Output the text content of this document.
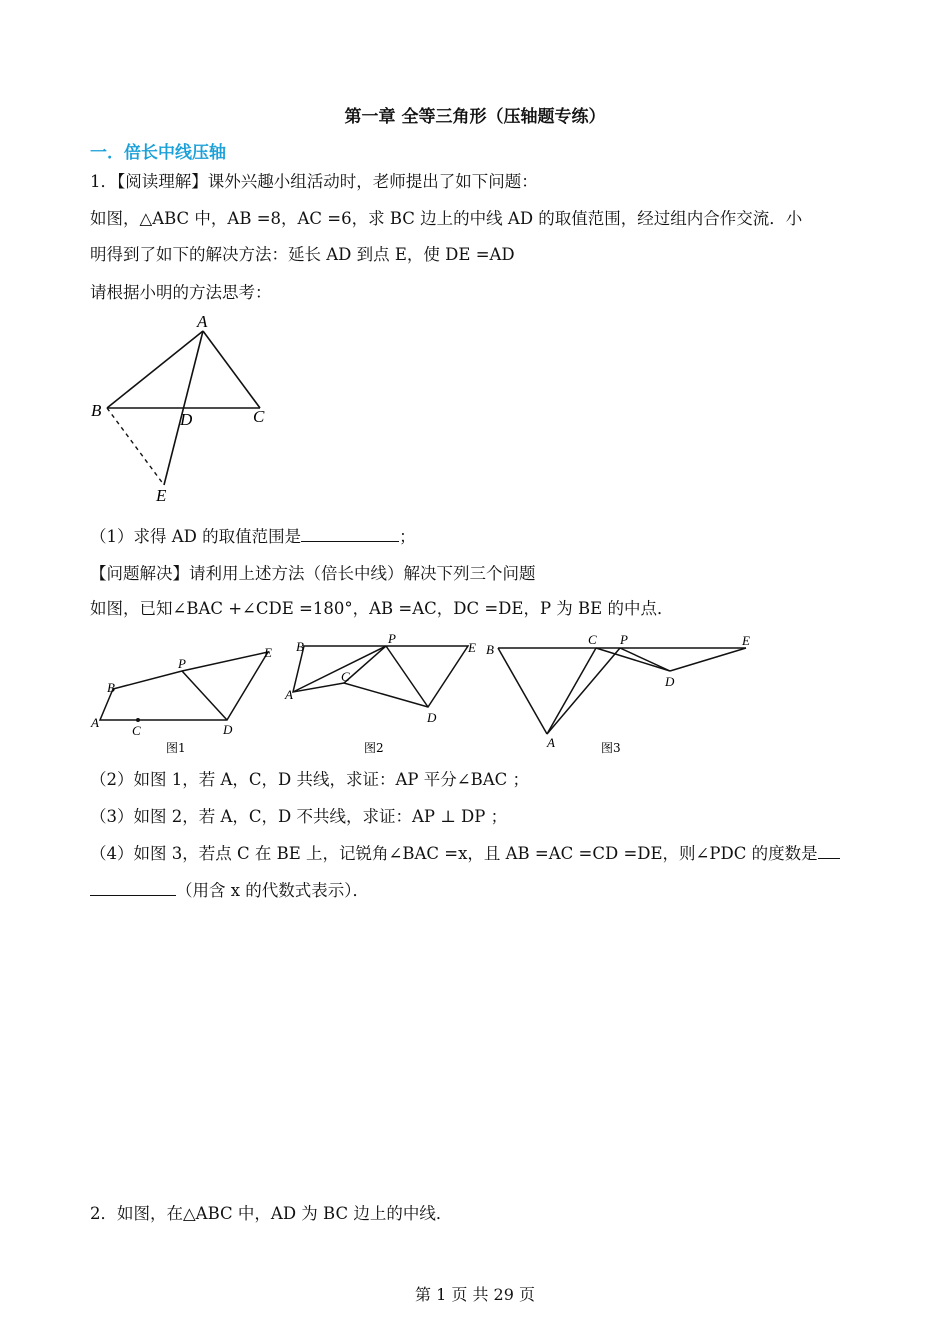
第一章 全等三角形（压轴题专练）
一．倍长中线压轴
1．【阅读理解】课外兴趣小组活动时，老师提出了如下问题：
如图，△ABC 中，AB =8，AC =6，求 BC 边上的中线 AD 的取值范围，经过组内合作交流．小
明得到了如下的解决方法：延长 AD 到点 E，使 DE =AD
请根据小明的方法思考：
A
B	D	C
E
（1）求得 AD 的取值范围是	；
【问题解决】请利用上述方法（倍长中线）解决下列三个问题
如图，已知∠BAC +∠CDE =180°，AB =AC，DC =DE，P 为 BE 的中点．
A
B
C	D
E
P
图1
A
B
C
D
E
P
图2
B
C P	E
D
A	图3
（2）如图 1，若 A，C，D 共线，求证：AP 平分∠BAC ；
（3）如图 2，若 A，C，D 不共线，求证：AP ⊥ DP ；
（4）如图 3，若点 C 在 BE 上，记锐角∠BAC =x，且 AB =AC =CD =DE，则∠PDC 的度数是
（用含 x 的代数式表示）．
2．如图，在△ABC 中，AD 为 BC 边上的中线．
第 1 页 共 29 页
